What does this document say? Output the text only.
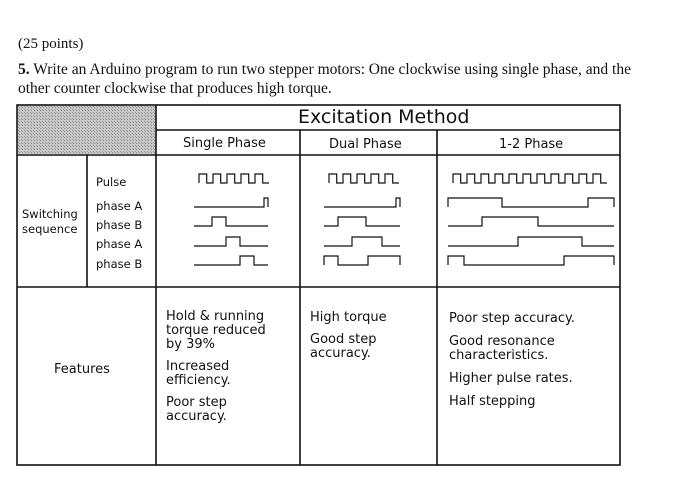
(25 points)
5. Write an Arduino program to run two stepper motors: One clockwise using single phase, and the other counter clockwise that produces high torque.
Excitation Method
Single Phase	Dual Phase	1-2 Phase
Switching
sequence
Pulse
phase A
phase B
phase A
phase B
Features
Hold & running
torque reduced
by 39%
Increased
efficiency.
Poor step
accuracy.
High torque
Good step
accuracy.
Poor step accuracy.
Good resonance
characteristics.
Higher pulse rates.
Half stepping
